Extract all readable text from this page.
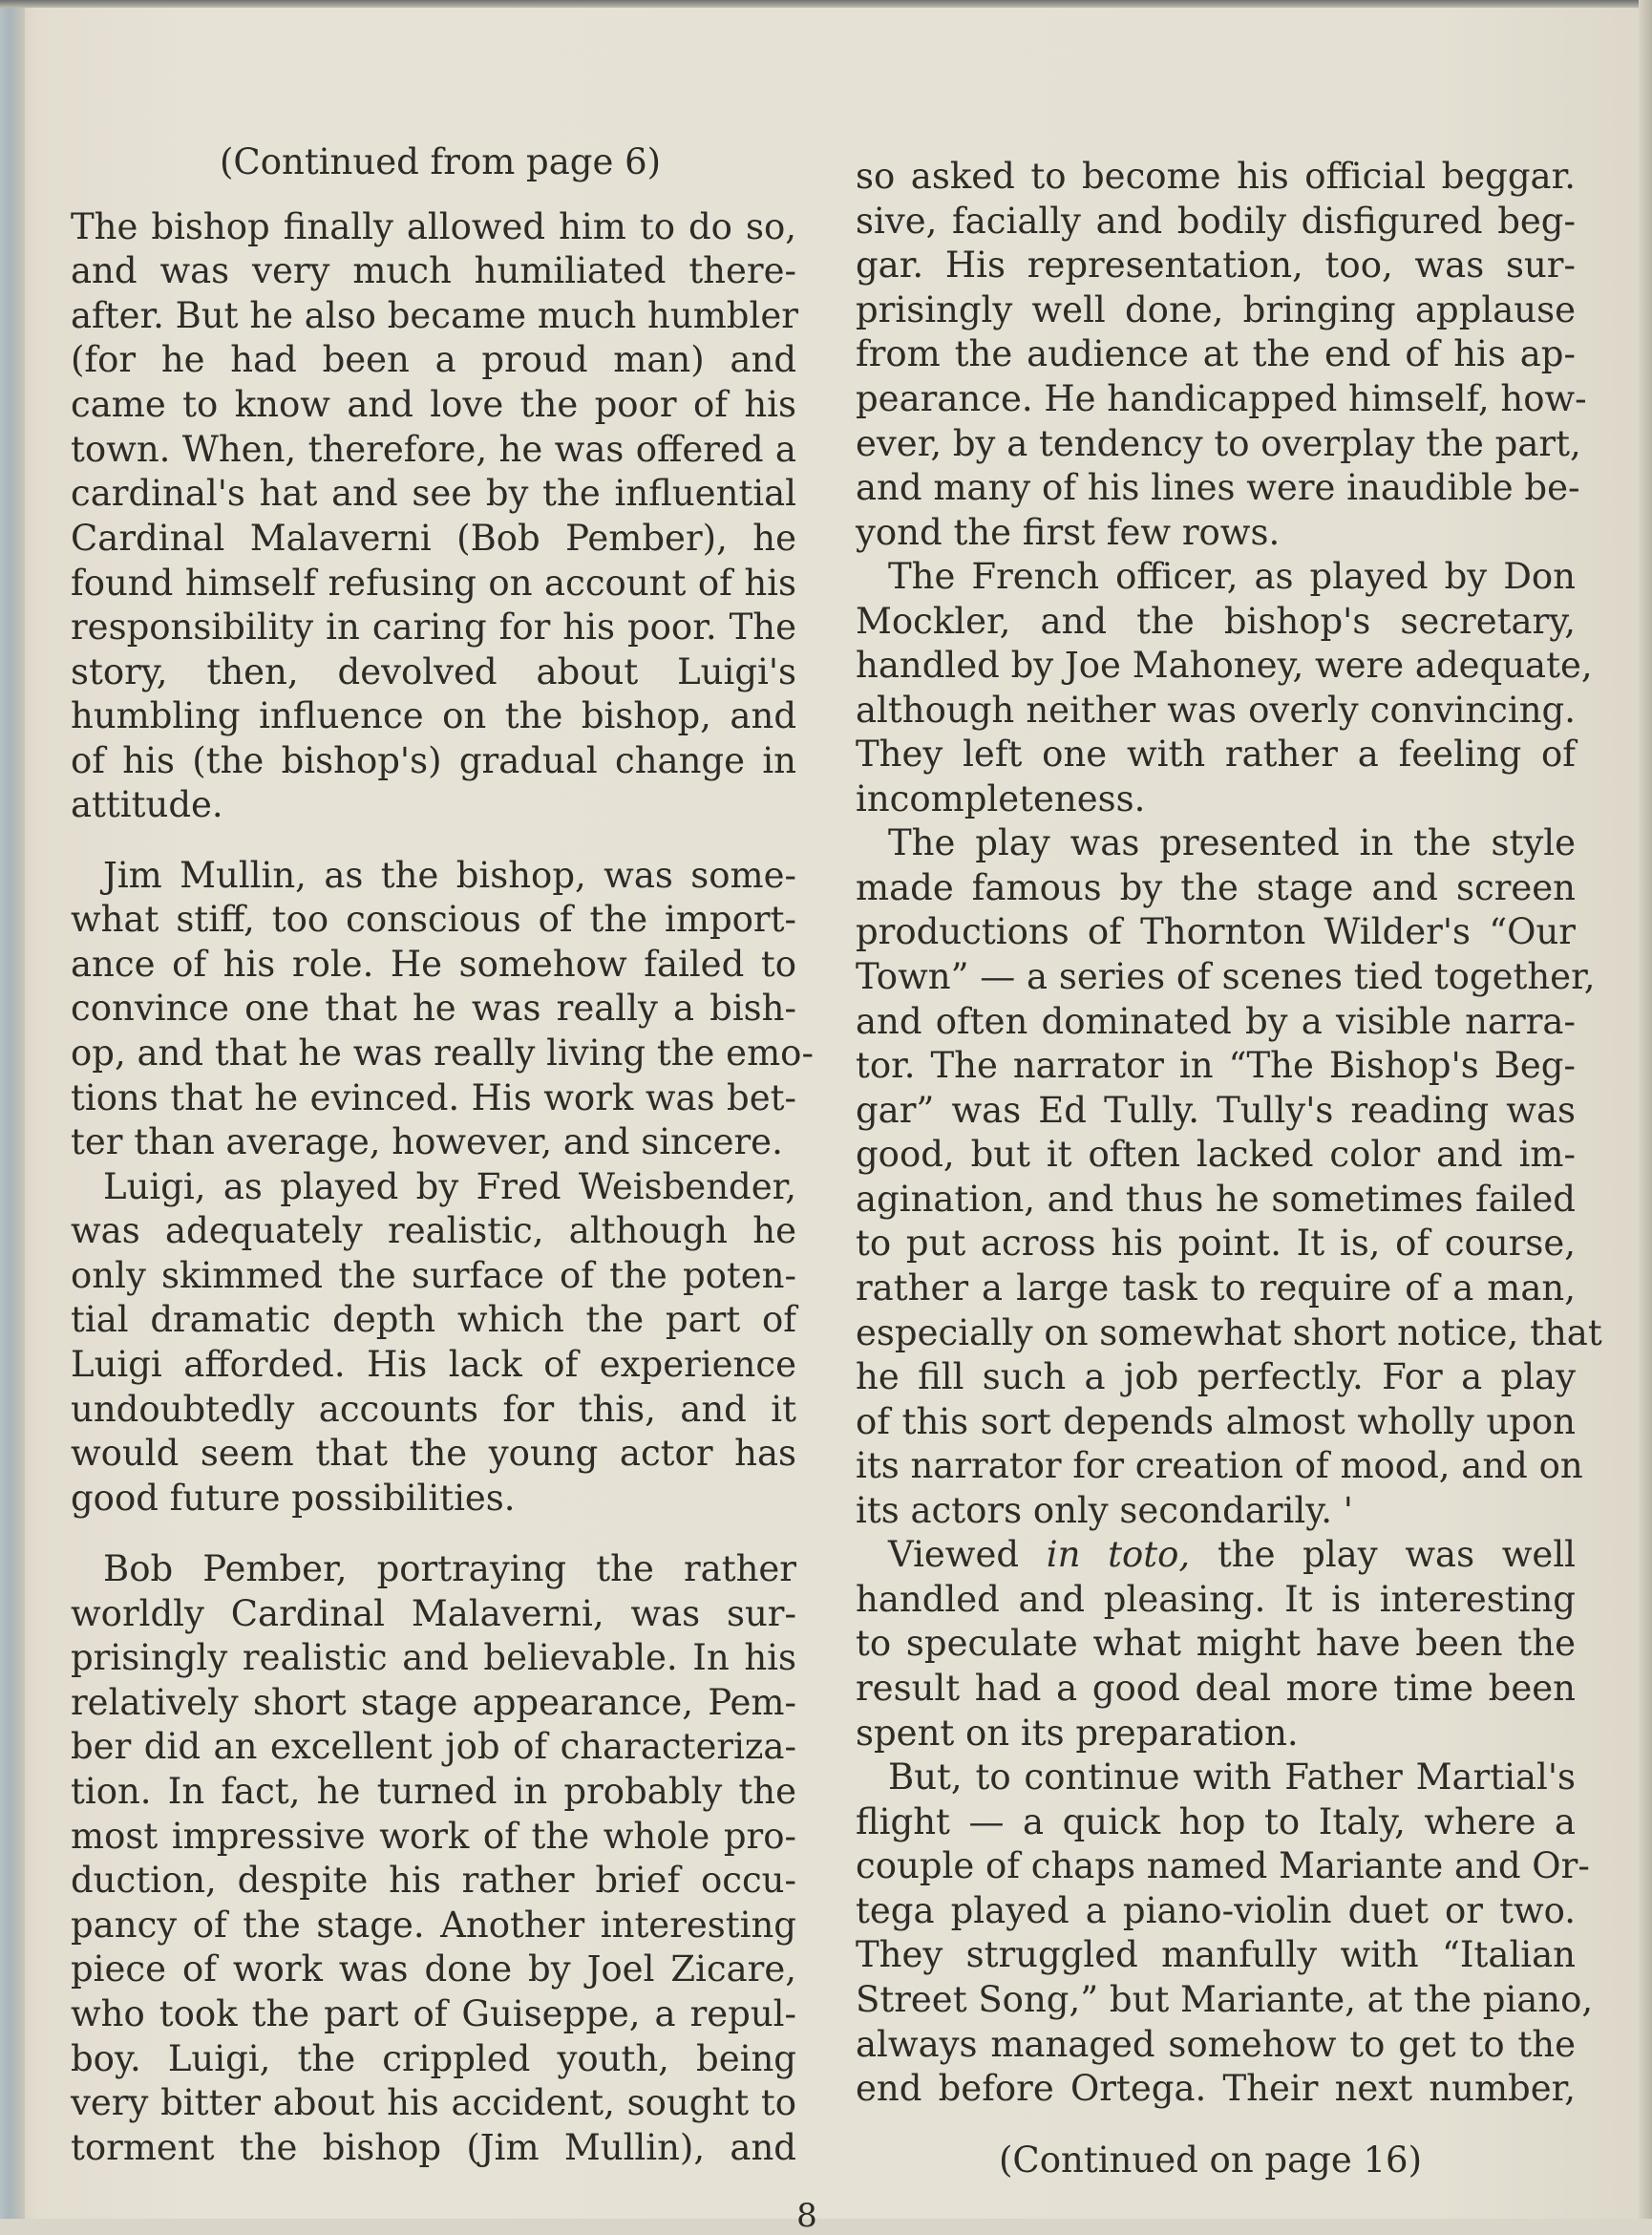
(Continued from page 6)
The bishop finally allowed him to do so,
and was very much humiliated there-
after. But he also became much humbler
(for he had been a proud man) and
came to know and love the poor of his
town. When, therefore, he was offered a
cardinal's hat and see by the influential
Cardinal Malaverni (Bob Pember), he
found himself refusing on account of his
responsibility in caring for his poor. The
story, then, devolved about Luigi's
humbling influence on the bishop, and
of his (the bishop's) gradual change in
attitude.
Jim Mullin, as the bishop, was some-
what stiff, too conscious of the import-
ance of his role. He somehow failed to
convince one that he was really a bish-
op, and that he was really living the emo-
tions that he evinced. His work was bet-
ter than average, however, and sincere.
Luigi, as played by Fred Weisbender,
was adequately realistic, although he
only skimmed the surface of the poten-
tial dramatic depth which the part of
Luigi afforded. His lack of experience
undoubtedly accounts for this, and it
would seem that the young actor has
good future possibilities.
Bob Pember, portraying the rather
worldly Cardinal Malaverni, was sur-
prisingly realistic and believable. In his
relatively short stage appearance, Pem-
ber did an excellent job of characteriza-
tion. In fact, he turned in probably the
most impressive work of the whole pro-
duction, despite his rather brief occu-
pancy of the stage. Another interesting
piece of work was done by Joel Zicare,
who took the part of Guiseppe, a repul-
boy. Luigi, the crippled youth, being
very bitter about his accident, sought to
torment the bishop (Jim Mullin), and
so asked to become his official beggar.
sive, facially and bodily disfigured beg-
gar. His representation, too, was sur-
prisingly well done, bringing applause
from the audience at the end of his ap-
pearance. He handicapped himself, how-
ever, by a tendency to overplay the part,
and many of his lines were inaudible be-
yond the first few rows.
The French officer, as played by Don
Mockler, and the bishop's secretary,
handled by Joe Mahoney, were adequate,
although neither was overly convincing.
They left one with rather a feeling of
incompleteness.
The play was presented in the style
made famous by the stage and screen
productions of Thornton Wilder's “Our
Town” — a series of scenes tied together,
and often dominated by a visible narra-
tor. The narrator in “The Bishop's Beg-
gar” was Ed Tully. Tully's reading was
good, but it often lacked color and im-
agination, and thus he sometimes failed
to put across his point. It is, of course,
rather a large task to require of a man,
especially on somewhat short notice, that
he fill such a job perfectly. For a play
of this sort depends almost wholly upon
its narrator for creation of mood, and on
its actors only secondarily. '
Viewed in toto, the play was well
handled and pleasing. It is interesting
to speculate what might have been the
result had a good deal more time been
spent on its preparation.
But, to continue with Father Martial's
flight — a quick hop to Italy, where a
couple of chaps named Mariante and Or-
tega played a piano-violin duet or two.
They struggled manfully with “Italian
Street Song,” but Mariante, at the piano,
always managed somehow to get to the
end before Ortega. Their next number,
(Continued on page 16)
8
